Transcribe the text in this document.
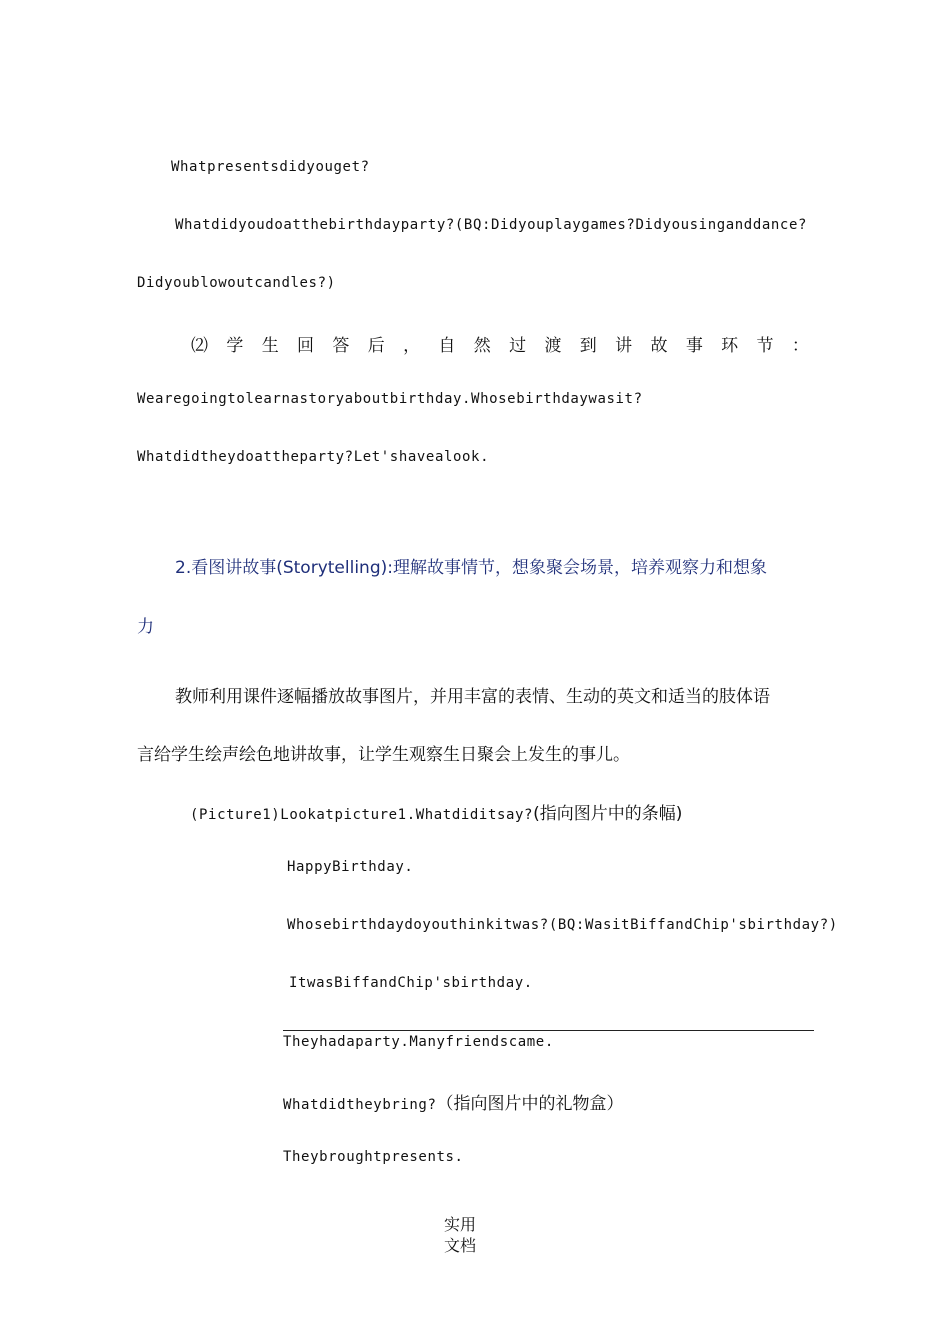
Whatpresentsdidyouget?
Whatdidyoudoatthebirthdayparty?(BQ:Didyouplaygames?Didyousinganddance?
Didyoublowoutcandles?)
⑵ 学 生 回 答 后 ， 自 然 过 渡 到 讲 故 事 环 节 ：
Wearegoingtolearnastoryaboutbirthday.Whosebirthdaywasit?
Whatdidtheydoattheparty?Let'shavealook.
2.看图讲故事(Storytelling):理解故事情节，想象聚会场景，培养观察力和想象
力
教师利用课件逐幅播放故事图片，并用丰富的表情、生动的英文和适当的肢体语
言给学生绘声绘色地讲故事，让学生观察生日聚会上发生的事儿。
(Picture1)Lookatpicture1.Whatdiditsay?(指向图片中的条幅)
HappyBirthday.
Whosebirthdaydoyouthinkitwas?(BQ:WasitBiffandChip'sbirthday?)
ItwasBiffandChip'sbirthday.
Theyhadaparty.Manyfriendscame.
Whatdidtheybring?（指向图片中的礼物盒）
Theybroughtpresents.
实用
文档
